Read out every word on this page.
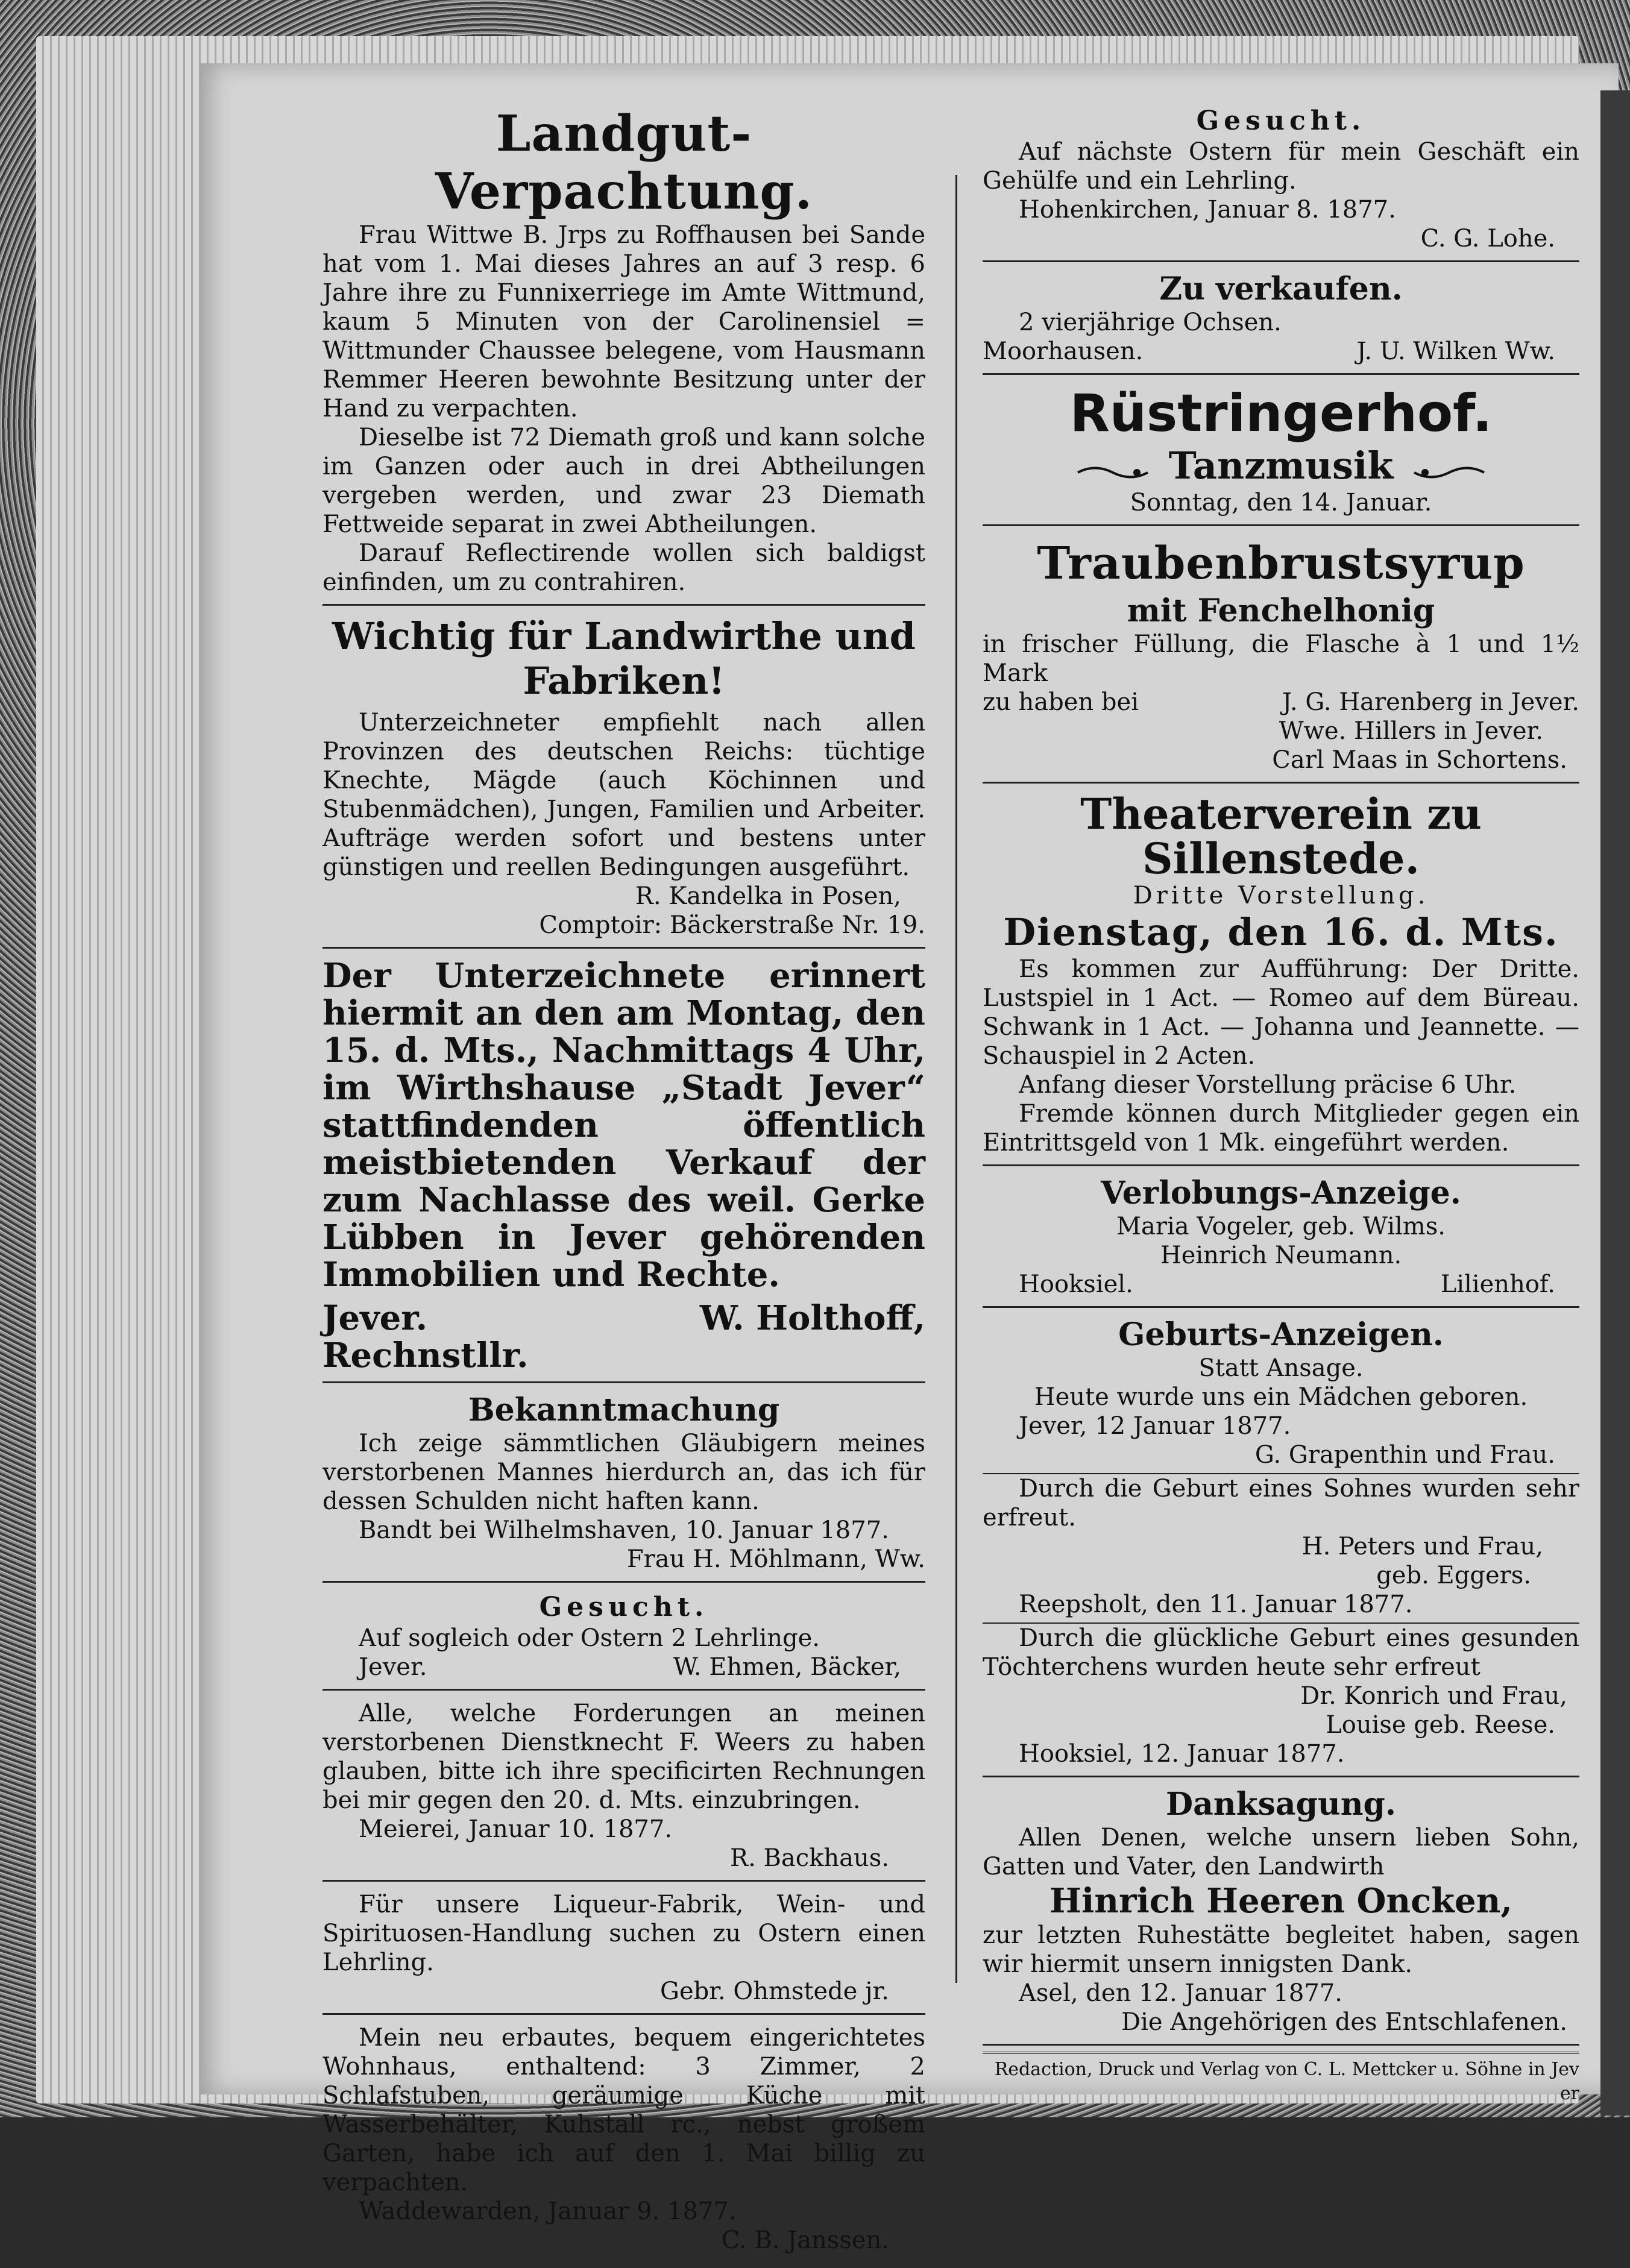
Landgut-Verpachtung.
Frau Wittwe B. Jrps zu Roffhausen bei Sande hat vom 1. Mai dieses Jahres an auf 3 resp. 6 Jahre ihre zu Funnixerriege im Amte Wittmund, kaum 5 Minuten von der Carolinensiel = Wittmunder Chaussee belegene, vom Hausmann Remmer Heeren bewohnte Besitzung unter der Hand zu verpachten.
Dieselbe ist 72 Diemath groß und kann solche im Ganzen oder auch in drei Abtheilungen vergeben werden, und zwar 23 Diemath Fettweide separat in zwei Abtheilungen.
Darauf Reflectirende wollen sich baldigst einfinden, um zu contrahiren.
Wichtig für Landwirthe und
Fabriken!
Unterzeichneter empfiehlt nach allen Provinzen des deutschen Reichs: tüchtige Knechte, Mägde (auch Köchinnen und Stubenmädchen), Jungen, Familien und Arbeiter. Aufträge werden sofort und bestens unter günstigen und reellen Bedingungen ausgeführt.
R. Kandelka in Posen,
Comptoir: Bäckerstraße Nr. 19.
Der Unterzeichnete erinnert hiermit an den am Montag, den 15. d. Mts., Nachmittags 4 Uhr, im Wirthshause „Stadt Jever“ stattfindenden öffentlich meistbietenden Verkauf der zum Nachlasse des weil. Gerke Lübben in Jever gehörenden Immobilien und Rechte.
Jever.	W. Holthoff,
Rechnstllr.
Bekanntmachung
Ich zeige sämmtlichen Gläubigern meines verstorbenen Mannes hierdurch an, das ich für dessen Schulden nicht haften kann.
Bandt bei Wilhelmshaven, 10. Januar 1877.
Frau H. Möhlmann, Ww.
Gesucht.
Auf sogleich oder Ostern 2 Lehrlinge.
Jever.	W. Ehmen, Bäcker,
Alle, welche Forderungen an meinen verstorbenen Dienstknecht F. Weers zu haben glauben, bitte ich ihre specificirten Rechnungen bei mir gegen den 20. d. Mts. einzubringen.
Meierei, Januar 10. 1877.
R. Backhaus.
Für unsere Liqueur-Fabrik, Wein- und Spirituosen-Handlung suchen zu Ostern einen Lehrling.
Gebr. Ohmstede jr.
Mein neu erbautes, bequem eingerichtetes Wohnhaus, enthaltend: 3 Zimmer, 2 Schlafstuben, geräumige Küche mit Wasserbehälter, Kuhstall rc., nebst großem Garten, habe ich auf den 1. Mai billig zu verpachten.
Waddewarden, Januar 9. 1877.
C. B. Janssen.
Gesucht.
Auf nächste Ostern für mein Geschäft ein Gehülfe und ein Lehrling.
Hohenkirchen, Januar 8. 1877.
C. G. Lohe.
Zu verkaufen.
2 vierjährige Ochsen.
Moorhausen.	J. U. Wilken Ww.
Rüstringerhof.
Tanzmusik
Sonntag, den 14. Januar.
Traubenbrustsyrup
mit Fenchelhonig
in frischer Füllung, die Flasche à 1 und 1½ Mark
zu haben bei	J. G. Harenberg in Jever.
Wwe. Hillers in Jever.
Carl Maas in Schortens.
Theaterverein zu Sillenstede.
Dritte Vorstellung.
Dienstag, den 16. d. Mts.
Es kommen zur Aufführung: Der Dritte. Lustspiel in 1 Act. — Romeo auf dem Büreau. Schwank in 1 Act. — Johanna und Jeannette. — Schauspiel in 2 Acten.
Anfang dieser Vorstellung präcise 6 Uhr.
Fremde können durch Mitglieder gegen ein Eintrittsgeld von 1 Mk. eingeführt werden.
Verlobungs-Anzeige.
Maria Vogeler, geb. Wilms.
Heinrich Neumann.
Hooksiel.	Lilienhof.
Geburts-Anzeigen.
Statt Ansage.
Heute wurde uns ein Mädchen geboren.
Jever, 12 Januar 1877.
G. Grapenthin und Frau.
Durch die Geburt eines Sohnes wurden sehr erfreut.
H. Peters und Frau,
geb. Eggers.
Reepsholt, den 11. Januar 1877.
Durch die glückliche Geburt eines gesunden Töchterchens wurden heute sehr erfreut
Dr. Konrich und Frau,
Louise geb. Reese.
Hooksiel, 12. Januar 1877.
Danksagung.
Allen Denen, welche unsern lieben Sohn, Gatten und Vater, den Landwirth
Hinrich Heeren Oncken,
zur letzten Ruhestätte begleitet haben, sagen wir hiermit unsern innigsten Dank.
Asel, den 12. Januar 1877.
Die Angehörigen des Entschlafenen.
Redaction, Druck und Verlag von C. L. Mettcker u. Söhne in Jev er
